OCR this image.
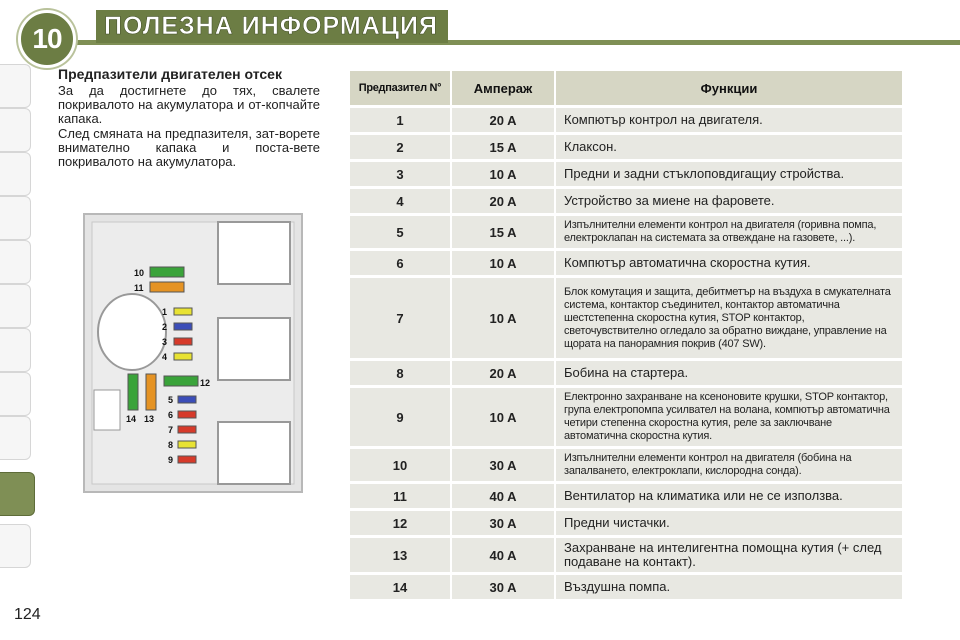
10	ПОЛЕЗНА ИНФОРМАЦИЯ
Предпазители двигателен отсек
За да достигнете до тях, свалете покривалото на акумулатора и от-копчайте капака.
След смяната на предпазителя, зат-ворете внимателно капака и поста-вете покривалото на акумулатора.
10
11
1
2
3
4
12
5
6
7
8
9
14 13
124
Предпазител N°	Ампераж	Функции
1	20 A	Компютър контрол на двигателя.
2	15 A	Клаксон.
3	10 A	Предни и задни стъклоповдигащиу стройства.
4	20 A	Устройство за миене на фаровете.
5	15 A	Изпълнителни елементи контрол на двигателя (горивна помпа, електроклапан на системата за отвеждане на газовете, ...).
6	10 A	Компютър автоматична скоростна кутия.
7	10 A	Блок комутация и защита, дебитметър на въздуха в смукателната система, контактор съединител, контактор автоматична шестстепенна скоростна кутия, STOP контактор, светочувствително огледало за обратно виждане, управление на щората на панорамния покрив (407 SW).
8	20 A	Бобина на стартера.
9	10 A	Електронно захранване на ксеноновите крушки, STOP контактор, група електропомпа усилвател на волана, компютър автоматична четири степенна скоростна кутия, реле за заключване автоматична скоростна кутия.
10	30 A	Изпълнителни елементи контрол на двигателя (бобина на запалването, електроклапи, кислородна сонда).
11	40 A	Вентилатор на климатика или не се използва.
12	30 A	Предни чистачки.
13	40 A	Захранване на интелигентна помощна кутия (+ след подаване на контакт).
14	30 A	Въздушна помпа.
